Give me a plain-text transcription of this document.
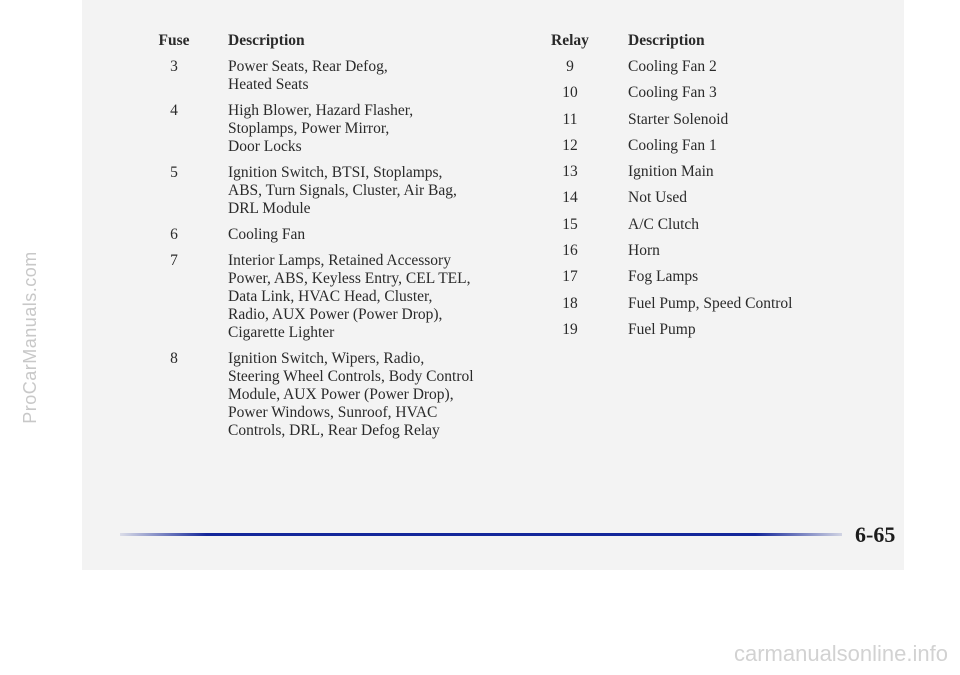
ProCarManuals.com
Fuse	Description
3	Power Seats, Rear Defog,
Heated Seats
4	High Blower, Hazard Flasher,
Stoplamps, Power Mirror,
Door Locks
5	Ignition Switch, BTSI, Stoplamps,
ABS, Turn Signals, Cluster, Air Bag,
DRL Module
6	Cooling Fan
7	Interior Lamps, Retained Accessory
Power, ABS, Keyless Entry, CEL TEL,
Data Link, HVAC Head, Cluster,
Radio, AUX Power (Power Drop),
Cigarette Lighter
8	Ignition Switch, Wipers, Radio,
Steering Wheel Controls, Body Control
Module, AUX Power (Power Drop),
Power Windows, Sunroof, HVAC
Controls, DRL, Rear Defog Relay
Relay	Description
9	Cooling Fan 2
10	Cooling Fan 3
11	Starter Solenoid
12	Cooling Fan 1
13	Ignition Main
14	Not Used
15	A/C Clutch
16	Horn
17	Fog Lamps
18	Fuel Pump, Speed Control
19	Fuel Pump
6-65
carmanualsonline.info
